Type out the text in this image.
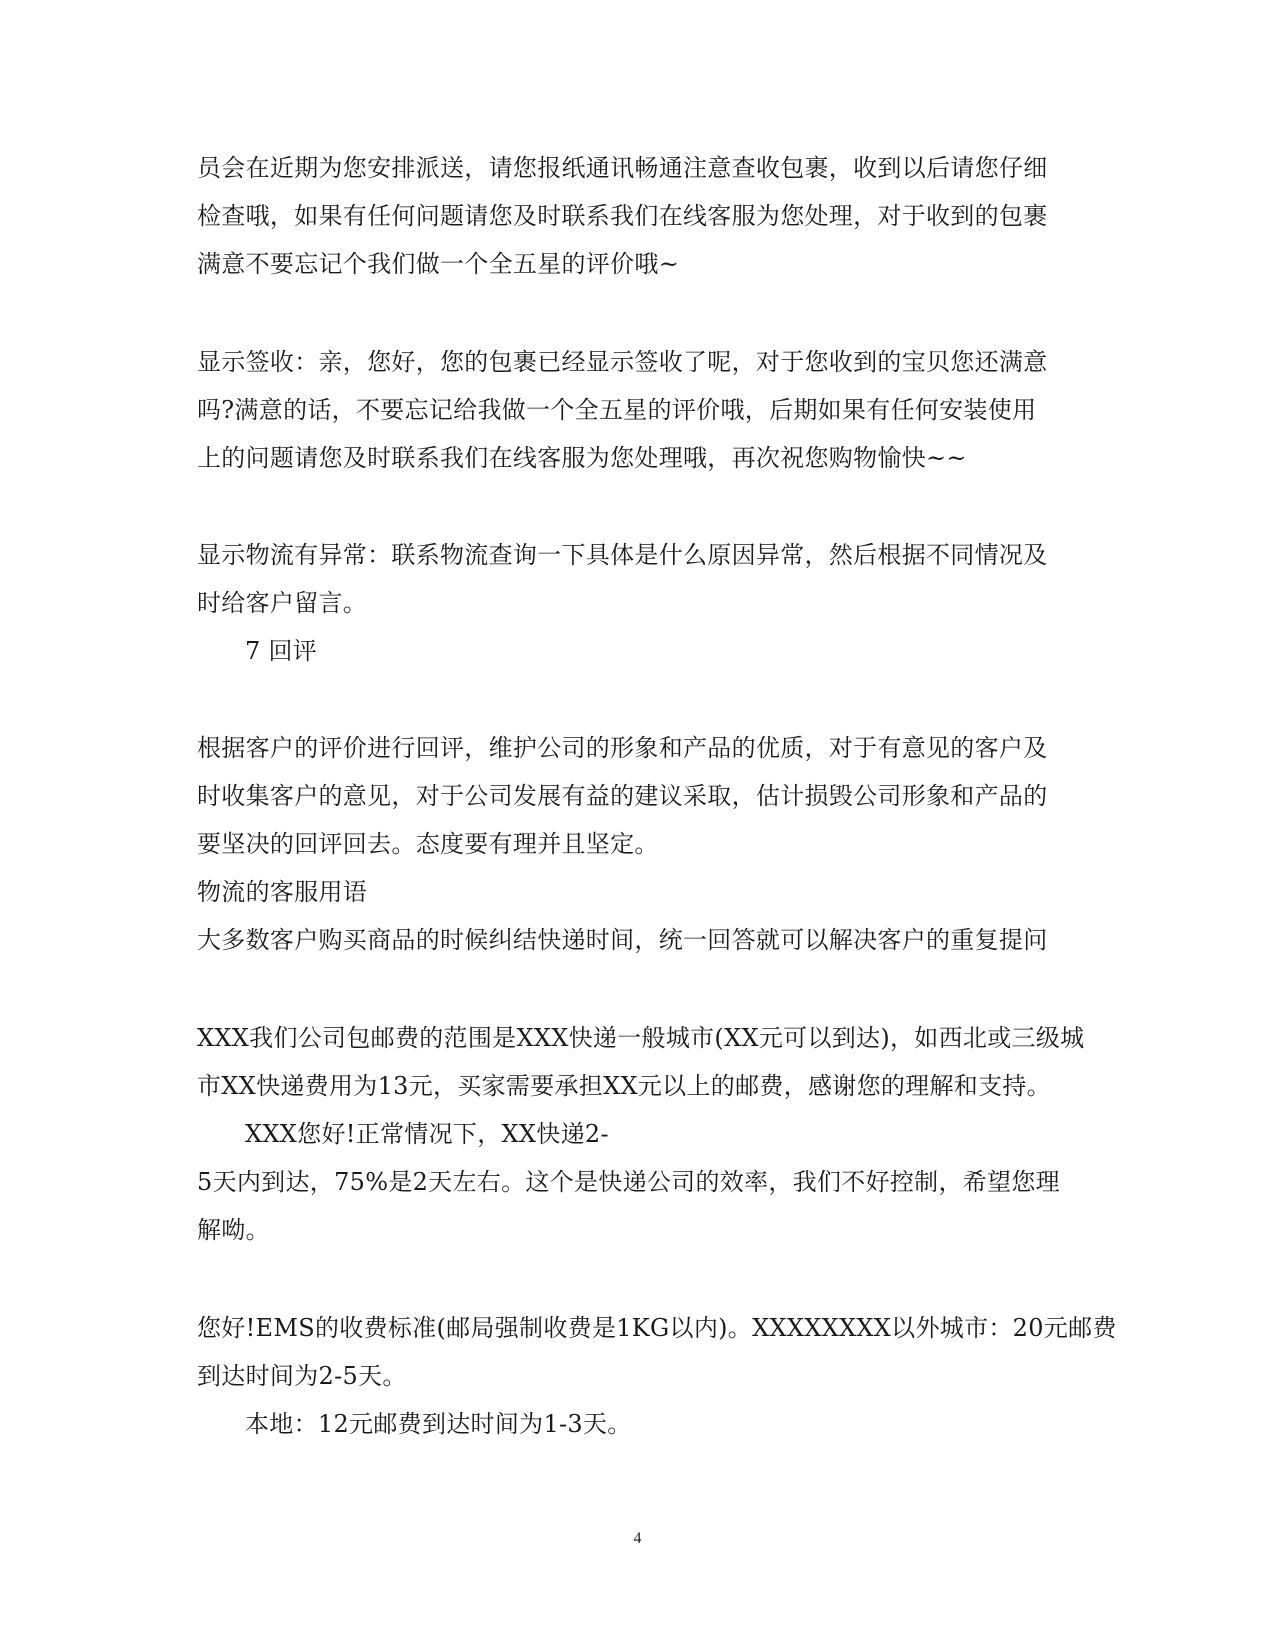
员会在近期为您安排派送，请您报纸通讯畅通注意查收包裹，收到以后请您仔细
检查哦，如果有任何问题请您及时联系我们在线客服为您处理，对于收到的包裹
满意不要忘记个我们做一个全五星的评价哦~
显示签收：亲，您好，您的包裹已经显示签收了呢，对于您收到的宝贝您还满意
吗?满意的话，不要忘记给我做一个全五星的评价哦，后期如果有任何安装使用
上的问题请您及时联系我们在线客服为您处理哦，再次祝您购物愉快~~
显示物流有异常：联系物流查询一下具体是什么原因异常，然后根据不同情况及
时给客户留言。
7 回评
根据客户的评价进行回评，维护公司的形象和产品的优质，对于有意见的客户及
时收集客户的意见，对于公司发展有益的建议采取，估计损毁公司形象和产品的
要坚决的回评回去。态度要有理并且坚定。
物流的客服用语
大多数客户购买商品的时候纠结快递时间，统一回答就可以解决客户的重复提问
XXX我们公司包邮费的范围是XXX快递一般城市(XX元可以到达)，如西北或三级城
市XX快递费用为13元，买家需要承担XX元以上的邮费，感谢您的理解和支持。
XXX您好!正常情况下，XX快递2-
5天内到达，75%是2天左右。这个是快递公司的效率，我们不好控制，希望您理
解呦。
您好!EMS的收费标准(邮局强制收费是1KG以内)。XXXXXXXX以外城市：20元邮费
到达时间为2-5天。
本地：12元邮费到达时间为1-3天。
4
